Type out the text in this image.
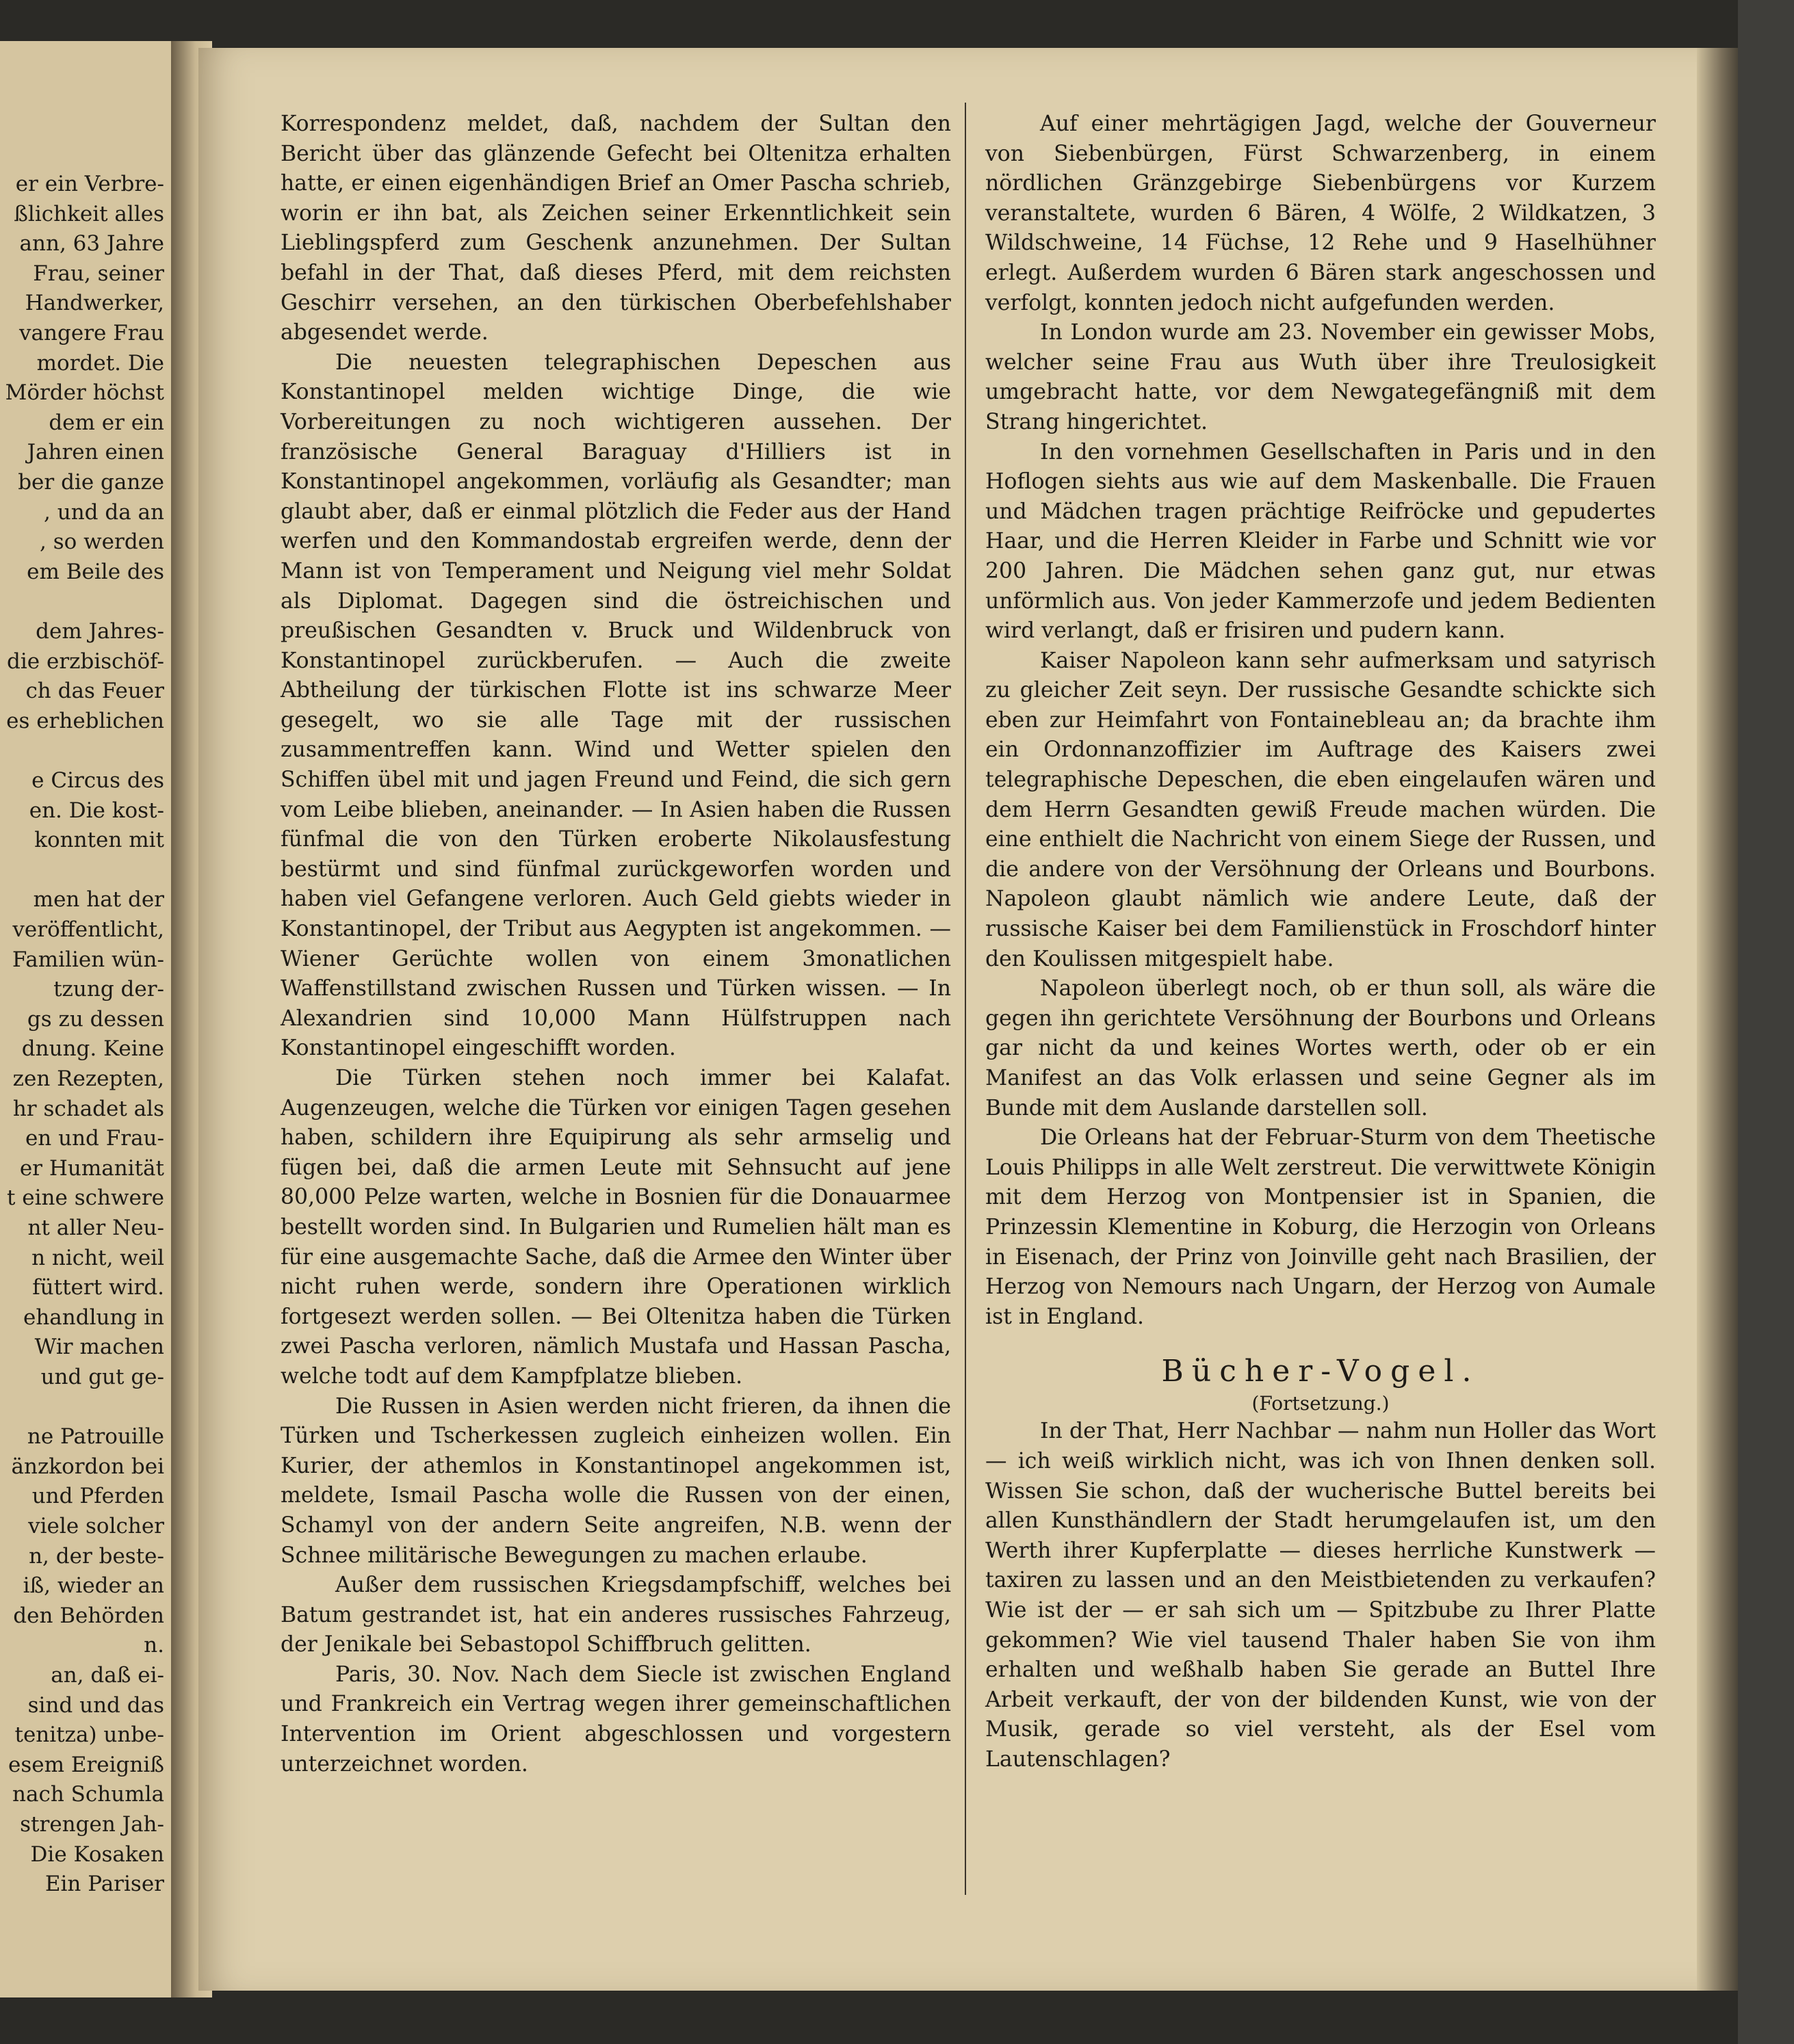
er ein Verbre-
ßlichkeit alles
ann, 63 Jahre
Frau, seiner
Handwerker,
vangere Frau
mordet. Die
Mörder höchst
dem er ein
Jahren einen
ber die ganze
, und da an
, so werden
em Beile des
dem Jahres-
die erzbischöf-
ch das Feuer
es erheblichen
e Circus des
en. Die kost-
konnten mit
men hat der
veröffentlicht,
Familien wün-
tzung der-
gs zu dessen
dnung. Keine
zen Rezepten,
hr schadet als
en und Frau-
er Humanität
t eine schwere
nt aller Neu-
n nicht, weil
füttert wird.
ehandlung in
Wir machen
und gut ge-
ne Patrouille
änzkordon bei
und Pferden
viele solcher
n, der beste-
iß, wieder an
den Behörden
n.
an, daß ei-
sind und das
tenitza) unbe-
esem Ereigniß
nach Schumla
strengen Jah-
Die Kosaken
Ein Pariser

Korrespondenz meldet, daß, nachdem der Sultan den Bericht über das glänzende Gefecht bei Oltenitza erhalten hatte, er einen eigenhändigen Brief an Omer Pascha schrieb, worin er ihn bat, als Zeichen seiner Erkenntlichkeit sein Lieblingspferd zum Geschenk anzunehmen. Der Sultan befahl in der That, daß dieses Pferd, mit dem reichsten Geschirr versehen, an den türkischen Oberbefehlshaber abgesendet werde.

Die neuesten telegraphischen Depeschen aus Konstantinopel melden wichtige Dinge, die wie Vorbereitungen zu noch wichtigeren aussehen. Der französische General Baraguay d'Hilliers ist in Konstantinopel angekommen, vorläufig als Gesandter; man glaubt aber, daß er einmal plötzlich die Feder aus der Hand werfen und den Kommandostab ergreifen werde, denn der Mann ist von Temperament und Neigung viel mehr Soldat als Diplomat. Dagegen sind die östreichischen und preußischen Gesandten v. Bruck und Wildenbruck von Konstantinopel zurückberufen. — Auch die zweite Abtheilung der türkischen Flotte ist ins schwarze Meer gesegelt, wo sie alle Tage mit der russischen zusammentreffen kann. Wind und Wetter spielen den Schiffen übel mit und jagen Freund und Feind, die sich gern vom Leibe blieben, aneinander. — In Asien haben die Russen fünfmal die von den Türken eroberte Nikolausfestung bestürmt und sind fünfmal zurückgeworfen worden und haben viel Gefangene verloren. Auch Geld giebts wieder in Konstantinopel, der Tribut aus Aegypten ist angekommen. — Wiener Gerüchte wollen von einem 3monatlichen Waffenstillstand zwischen Russen und Türken wissen. — In Alexandrien sind 10,000 Mann Hülfstruppen nach Konstantinopel eingeschifft worden.

Die Türken stehen noch immer bei Kalafat. Augenzeugen, welche die Türken vor einigen Tagen gesehen haben, schildern ihre Equipirung als sehr armselig und fügen bei, daß die armen Leute mit Sehnsucht auf jene 80,000 Pelze warten, welche in Bosnien für die Donauarmee bestellt worden sind. In Bulgarien und Rumelien hält man es für eine ausgemachte Sache, daß die Armee den Winter über nicht ruhen werde, sondern ihre Operationen wirklich fortgesezt werden sollen. — Bei Oltenitza haben die Türken zwei Pascha verloren, nämlich Mustafa und Hassan Pascha, welche todt auf dem Kampfplatze blieben.

Die Russen in Asien werden nicht frieren, da ihnen die Türken und Tscherkessen zugleich einheizen wollen. Ein Kurier, der athemlos in Konstantinopel angekommen ist, meldete, Ismail Pascha wolle die Russen von der einen, Schamyl von der andern Seite angreifen, N.B. wenn der Schnee militärische Bewegungen zu machen erlaube.

Außer dem russischen Kriegsdampfschiff, welches bei Batum gestrandet ist, hat ein anderes russisches Fahrzeug, der Jenikale bei Sebastopol Schiffbruch gelitten.

Paris, 30. Nov. Nach dem Siecle ist zwischen England und Frankreich ein Vertrag wegen ihrer gemeinschaftlichen Intervention im Orient abgeschlossen und vorgestern unterzeichnet worden.

Auf einer mehrtägigen Jagd, welche der Gouverneur von Siebenbürgen, Fürst Schwarzenberg, in einem nördlichen Gränzgebirge Siebenbürgens vor Kurzem veranstaltete, wurden 6 Bären, 4 Wölfe, 2 Wildkatzen, 3 Wildschweine, 14 Füchse, 12 Rehe und 9 Haselhühner erlegt. Außerdem wurden 6 Bären stark angeschossen und verfolgt, konnten jedoch nicht aufgefunden werden.

In London wurde am 23. November ein gewisser Mobs, welcher seine Frau aus Wuth über ihre Treulosigkeit umgebracht hatte, vor dem Newgategefängniß mit dem Strang hingerichtet.

In den vornehmen Gesellschaften in Paris und in den Hoflogen siehts aus wie auf dem Maskenballe. Die Frauen und Mädchen tragen prächtige Reifröcke und gepudertes Haar, und die Herren Kleider in Farbe und Schnitt wie vor 200 Jahren. Die Mädchen sehen ganz gut, nur etwas unförmlich aus. Von jeder Kammerzofe und jedem Bedienten wird verlangt, daß er frisiren und pudern kann.

Kaiser Napoleon kann sehr aufmerksam und satyrisch zu gleicher Zeit seyn. Der russische Gesandte schickte sich eben zur Heimfahrt von Fontainebleau an; da brachte ihm ein Ordonnanzoffizier im Auftrage des Kaisers zwei telegraphische Depeschen, die eben eingelaufen wären und dem Herrn Gesandten gewiß Freude machen würden. Die eine enthielt die Nachricht von einem Siege der Russen, und die andere von der Versöhnung der Orleans und Bourbons. Napoleon glaubt nämlich wie andere Leute, daß der russische Kaiser bei dem Familienstück in Froschdorf hinter den Koulissen mitgespielt habe.

Napoleon überlegt noch, ob er thun soll, als wäre die gegen ihn gerichtete Versöhnung der Bourbons und Orleans gar nicht da und keines Wortes werth, oder ob er ein Manifest an das Volk erlassen und seine Gegner als im Bunde mit dem Auslande darstellen soll.

Die Orleans hat der Februar-Sturm von dem Theetische Louis Philipps in alle Welt zerstreut. Die verwittwete Königin mit dem Herzog von Montpensier ist in Spanien, die Prinzessin Klementine in Koburg, die Herzogin von Orleans in Eisenach, der Prinz von Joinville geht nach Brasilien, der Herzog von Nemours nach Ungarn, der Herzog von Aumale ist in England.

Bücher-Vogel.
(Fortsetzung.)

In der That, Herr Nachbar — nahm nun Holler das Wort — ich weiß wirklich nicht, was ich von Ihnen denken soll. Wissen Sie schon, daß der wucherische Buttel bereits bei allen Kunsthändlern der Stadt herumgelaufen ist, um den Werth ihrer Kupferplatte — dieses herrliche Kunstwerk — taxiren zu lassen und an den Meistbietenden zu verkaufen? Wie ist der — er sah sich um — Spitzbube zu Ihrer Platte gekommen? Wie viel tausend Thaler haben Sie von ihm erhalten und weßhalb haben Sie gerade an Buttel Ihre Arbeit verkauft, der von der bildenden Kunst, wie von der Musik, gerade so viel versteht, als der Esel vom Lautenschlagen?
